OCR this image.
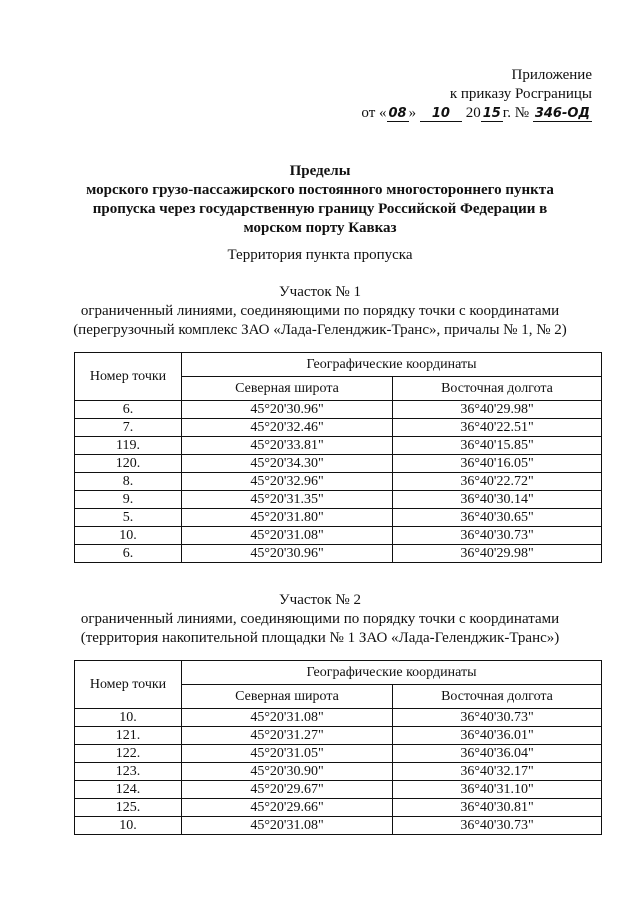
Приложение
к приказу Росграницы
от « 08 » 10 20 15 г. № 346-ОД
Пределы
морского грузо-пассажирского постоянного многостороннего пункта
пропуска через государственную границу Российской Федерации в
морском порту Кавказ
Территория пункта пропуска
Участок № 1
ограниченный линиями, соединяющими по порядку точки с координатами
(перегрузочный комплекс ЗАО «Лада-Геленджик-Транс», причалы № 1, № 2)
Номер точки	Географические координаты	
	Северная широта	Восточная долгота
6.	45°20'30.96"	36°40'29.98"
7.	45°20'32.46"	36°40'22.51"
119.	45°20'33.81"	36°40'15.85"
120.	45°20'34.30"	36°40'16.05"
8.	45°20'32.96"	36°40'22.72"
9.	45°20'31.35"	36°40'30.14"
5.	45°20'31.80"	36°40'30.65"
10.	45°20'31.08"	36°40'30.73"
6.	45°20'30.96"	36°40'29.98"
Участок № 2
ограниченный линиями, соединяющими по порядку точки с координатами
(территория накопительной площадки № 1 ЗАО «Лада-Геленджик-Транс»)
Номер точки	Географические координаты	
	Северная широта	Восточная долгота
10.	45°20'31.08"	36°40'30.73"
121.	45°20'31.27"	36°40'36.01"
122.	45°20'31.05"	36°40'36.04"
123.	45°20'30.90"	36°40'32.17"
124.	45°20'29.67"	36°40'31.10"
125.	45°20'29.66"	36°40'30.81"
10.	45°20'31.08"	36°40'30.73"
